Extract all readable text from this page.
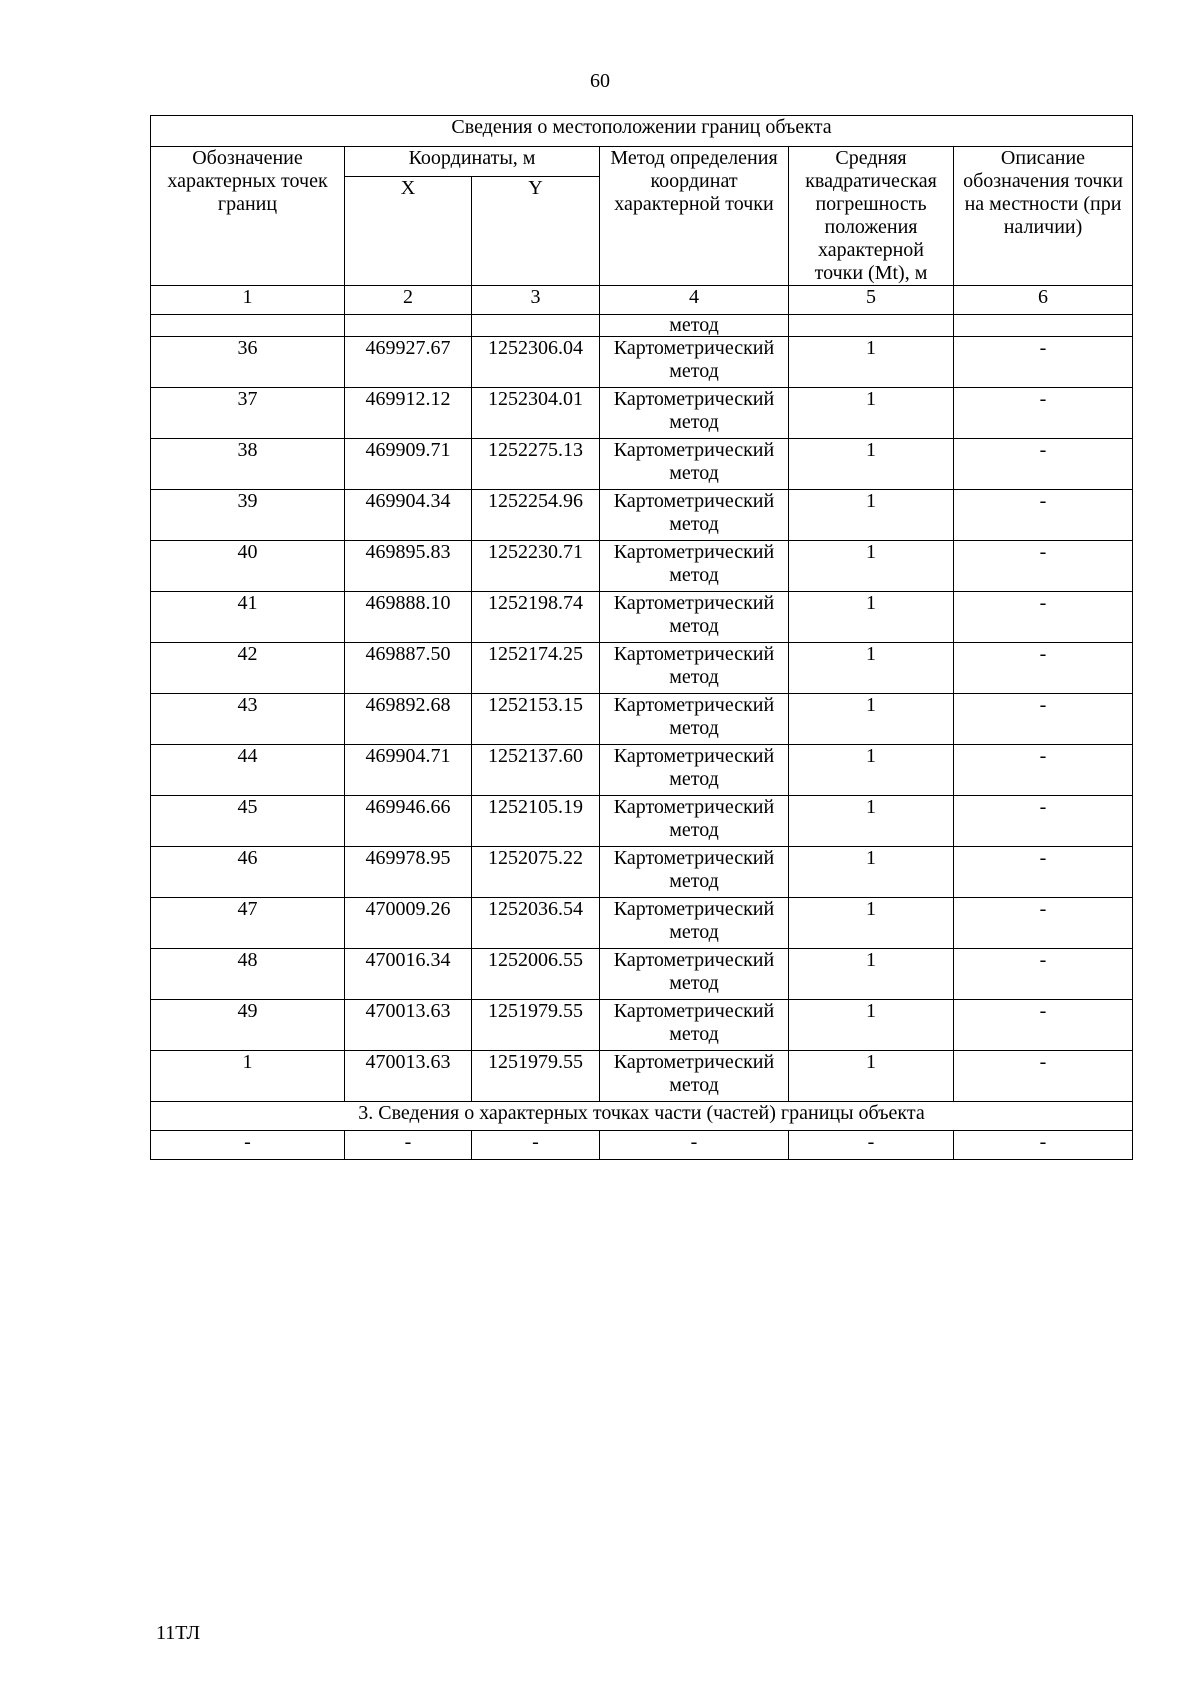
60
Сведения о местоположении границ объекта					
Обозначение характерных точек границ	Координаты, м		Метод определения координат характерной точки	Средняя квадратическая погрешность положения характерной точки (Mt), м	Описание обозначения точки на местности (при наличии)
	X	Y			
1	2	3	4	5	6
			метод		
36	469927.67	1252306.04	Картометрический метод	1	-
37	469912.12	1252304.01	Картометрический метод	1	-
38	469909.71	1252275.13	Картометрический метод	1	-
39	469904.34	1252254.96	Картометрический метод	1	-
40	469895.83	1252230.71	Картометрический метод	1	-
41	469888.10	1252198.74	Картометрический метод	1	-
42	469887.50	1252174.25	Картометрический метод	1	-
43	469892.68	1252153.15	Картометрический метод	1	-
44	469904.71	1252137.60	Картометрический метод	1	-
45	469946.66	1252105.19	Картометрический метод	1	-
46	469978.95	1252075.22	Картометрический метод	1	-
47	470009.26	1252036.54	Картометрический метод	1	-
48	470016.34	1252006.55	Картометрический метод	1	-
49	470013.63	1251979.55	Картометрический метод	1	-
1	470013.63	1251979.55	Картометрический метод	1	-
3. Сведения о характерных точках части (частей) границы объекта					
-	-	-	-	-	-
11ТЛ
